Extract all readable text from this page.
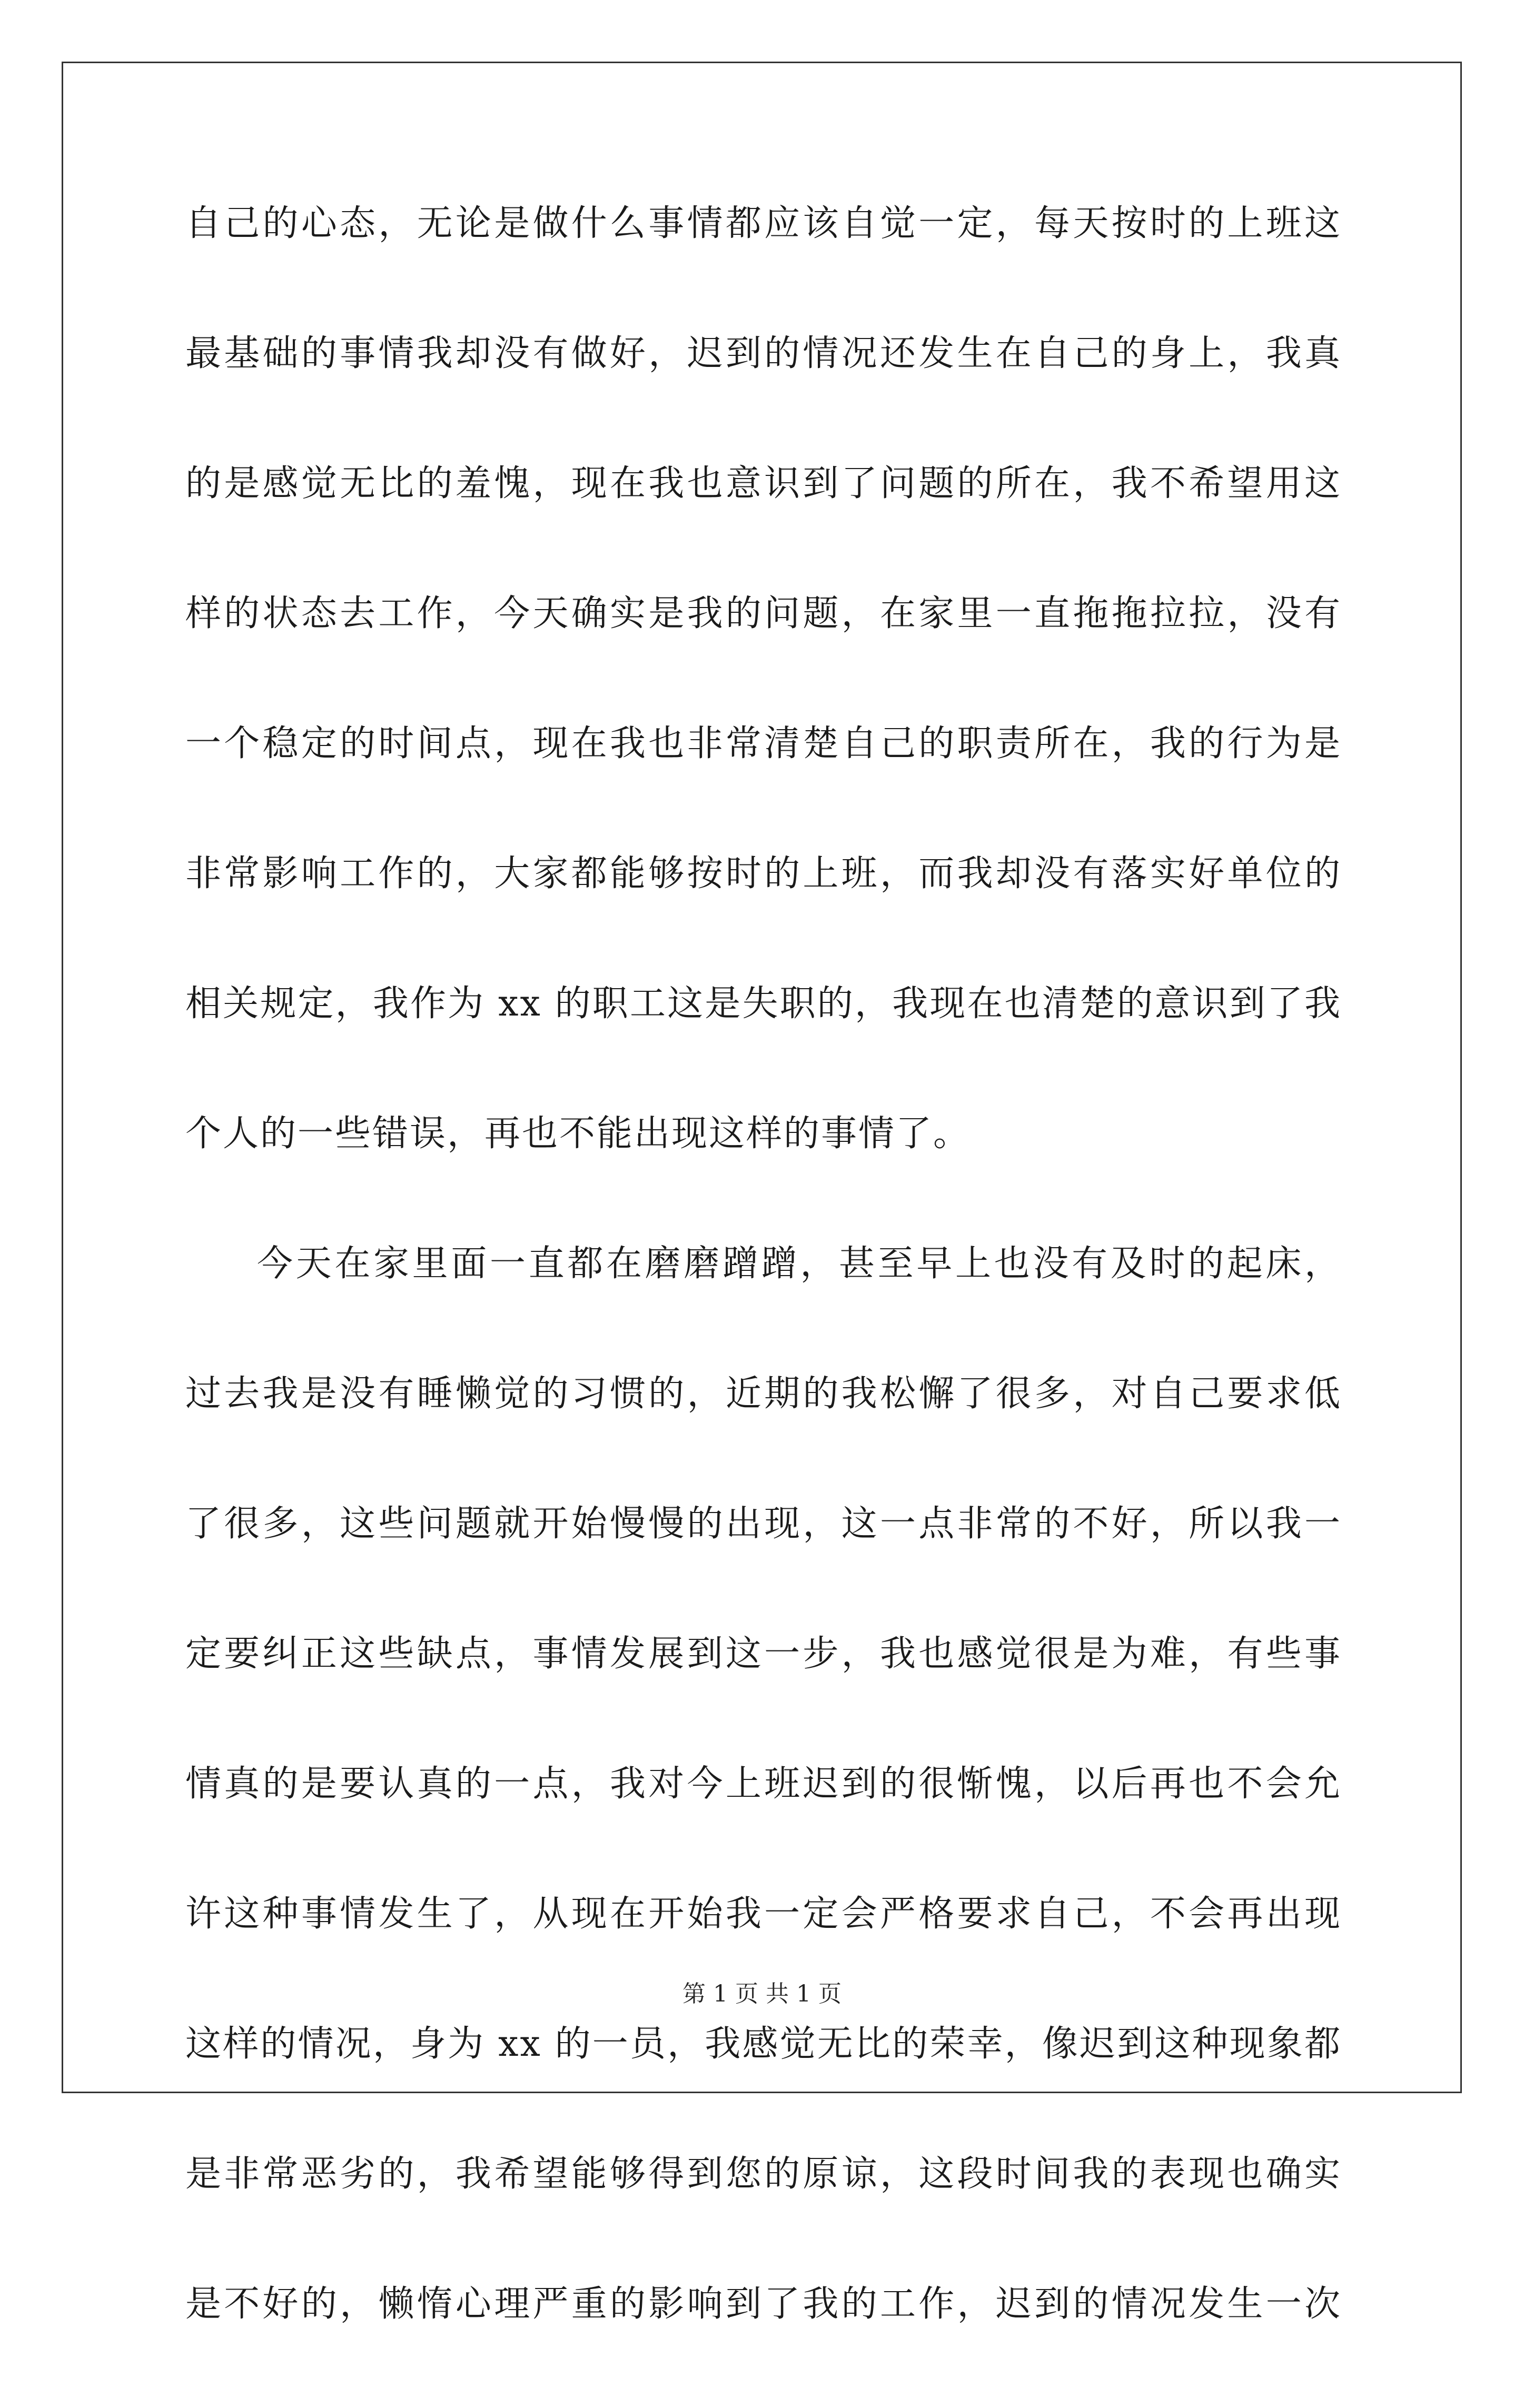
自己的心态，无论是做什么事情都应该自觉一定，每天按时的上班这
最基础的事情我却没有做好，迟到的情况还发生在自己的身上，我真
的是感觉无比的羞愧，现在我也意识到了问题的所在，我不希望用这
样的状态去工作，今天确实是我的问题，在家里一直拖拖拉拉，没有
一个稳定的时间点，现在我也非常清楚自己的职责所在，我的行为是
非常影响工作的，大家都能够按时的上班，而我却没有落实好单位的
相关规定，我作为 xx 的职工这是失职的，我现在也清楚的意识到了我
个人的一些错误，再也不能出现这样的事情了。
今天在家里面一直都在磨磨蹭蹭，甚至早上也没有及时的起床，
过去我是没有睡懒觉的习惯的，近期的我松懈了很多，对自己要求低
了很多，这些问题就开始慢慢的出现，这一点非常的不好，所以我一
定要纠正这些缺点，事情发展到这一步，我也感觉很是为难，有些事
情真的是要认真的一点，我对今上班迟到的很惭愧，以后再也不会允
许这种事情发生了，从现在开始我一定会严格要求自己，不会再出现
这样的情况，身为 xx 的一员，我感觉无比的荣幸，像迟到这种现象都
是非常恶劣的，我希望能够得到您的原谅，这段时间我的表现也确实
是不好的，懒惰心理严重的影响到了我的工作，迟到的情况发生一次
第 1 页 共 1 页
